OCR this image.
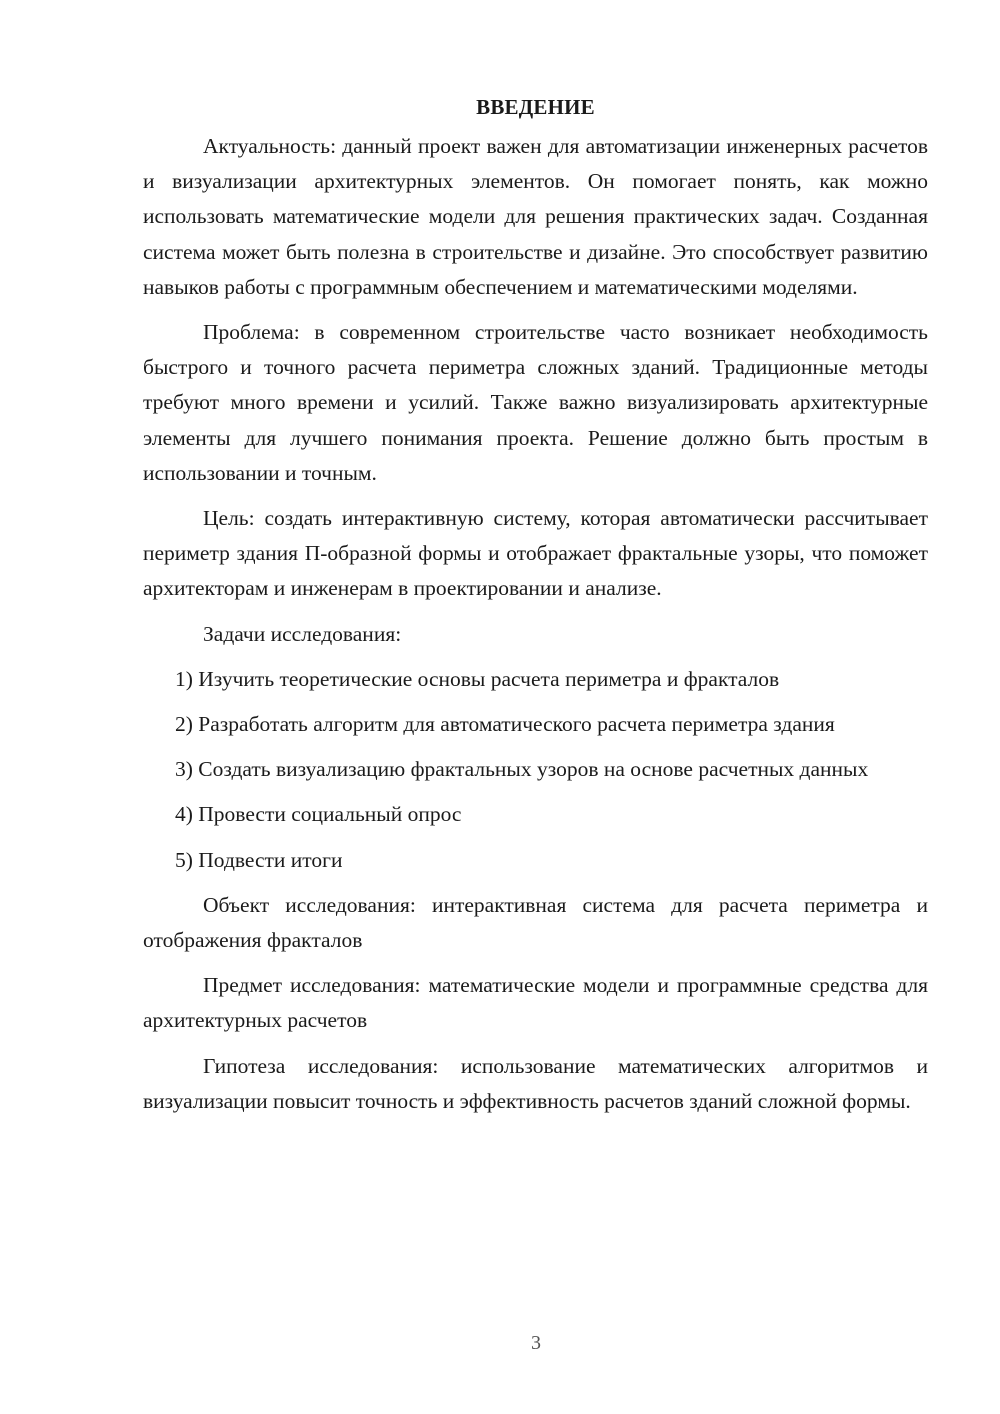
ВВЕДЕНИЕ

Актуальность: данный проект важен для автоматизации инженерных расчетов и визуализации архитектурных элементов. Он помогает понять, как можно использовать математические модели для решения практических задач. Созданная система может быть полезна в строительстве и дизайне. Это способствует развитию навыков работы с программным обеспечением и математическими моделями.

Проблема: в современном строительстве часто возникает необходимость быстрого и точного расчета периметра сложных зданий. Традиционные методы требуют много времени и усилий. Также важно визуализировать архитектурные элементы для лучшего понимания проекта. Решение должно быть простым в использовании и точным.

Цель: создать интерактивную систему, которая автоматически рассчитывает периметр здания П-образной формы и отображает фрактальные узоры, что поможет архитекторам и инженерам в проектировании и анализе.

Задачи исследования:

1) Изучить теоретические основы расчета периметра и фракталов

2) Разработать алгоритм для автоматического расчета периметра здания

3) Создать визуализацию фрактальных узоров на основе расчетных данных

4) Провести социальный опрос

5) Подвести итоги

Объект исследования: интерактивная система для расчета периметра и отображения фракталов

Предмет исследования: математические модели и программные средства для архитектурных расчетов

Гипотеза исследования: использование математических алгоритмов и визуализации повысит точность и эффективность расчетов зданий сложной формы.

3
